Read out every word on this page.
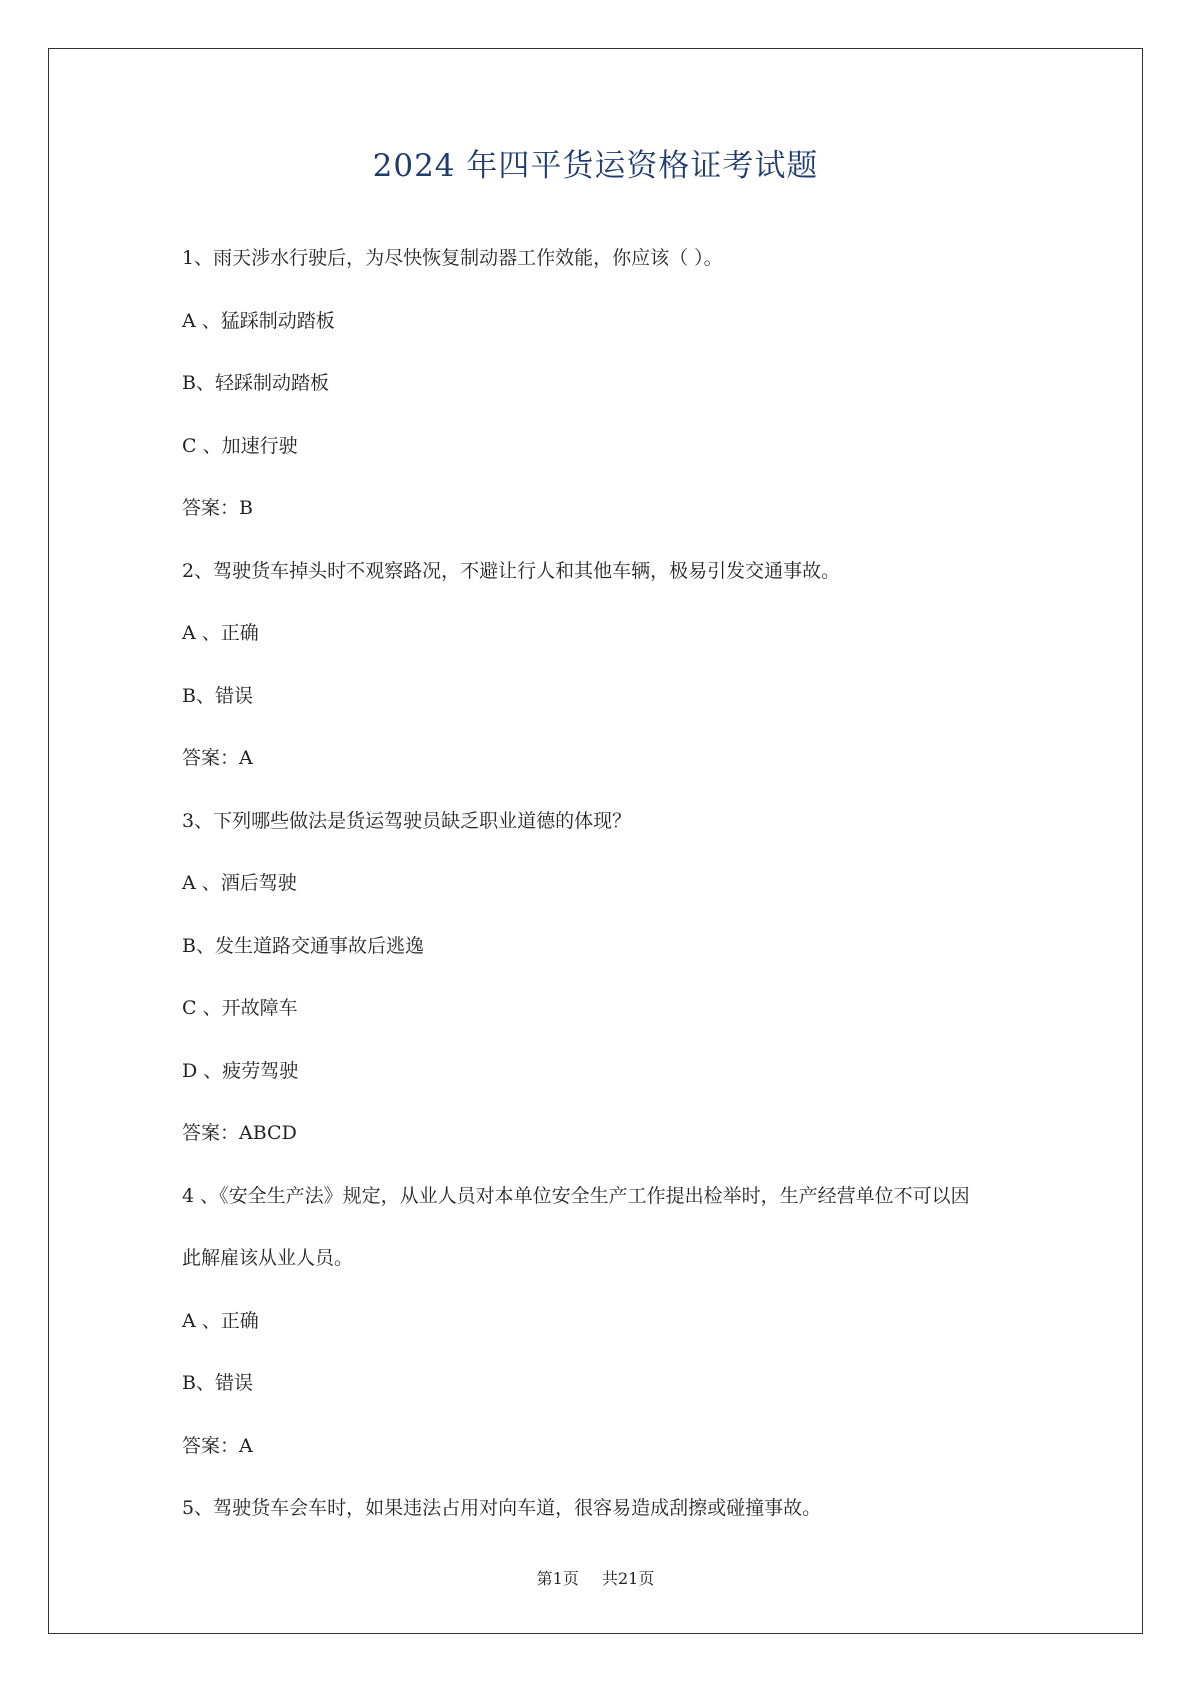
2024 年四平货运资格证考试题
1、雨天涉水行驶后，为尽快恢复制动器工作效能，你应该（ ）。
A 、猛踩制动踏板
B、轻踩制动踏板
C 、加速行驶
答案：B
2、驾驶货车掉头时不观察路况，不避让行人和其他车辆，极易引发交通事故。
A 、正确
B、错误
答案：A
3、下列哪些做法是货运驾驶员缺乏职业道德的体现？
A 、酒后驾驶
B、发生道路交通事故后逃逸
C 、开故障车
D 、疲劳驾驶
答案：ABCD
4 、《安全生产法》规定，从业人员对本单位安全生产工作提出检举时，生产经营单位不可以因
此解雇该从业人员。
A 、正确
B、错误
答案：A
5、驾驶货车会车时，如果违法占用对向车道，很容易造成刮擦或碰撞事故。
第1页 共21页
